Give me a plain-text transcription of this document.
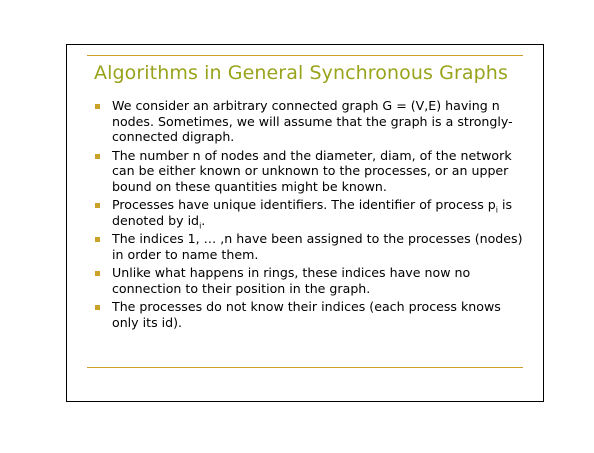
Algorithms in General Synchronous Graphs
We consider an arbitrary connected graph G = (V,E) having n nodes. Sometimes, we will assume that the graph is a strongly-connected digraph.
The number n of nodes and the diameter, diam, of the network can be either known or unknown to the processes, or an upper bound on these quantities might be known.
Processes have unique identifiers. The identifier of process $p_i$ is denoted by $id_i$.
The indices 1, … ,n have been assigned to the processes (nodes) in order to name them.
Unlike what happens in rings, these indices have now no connection to their position in the graph.
The processes do not know their indices (each process knows only its id).
